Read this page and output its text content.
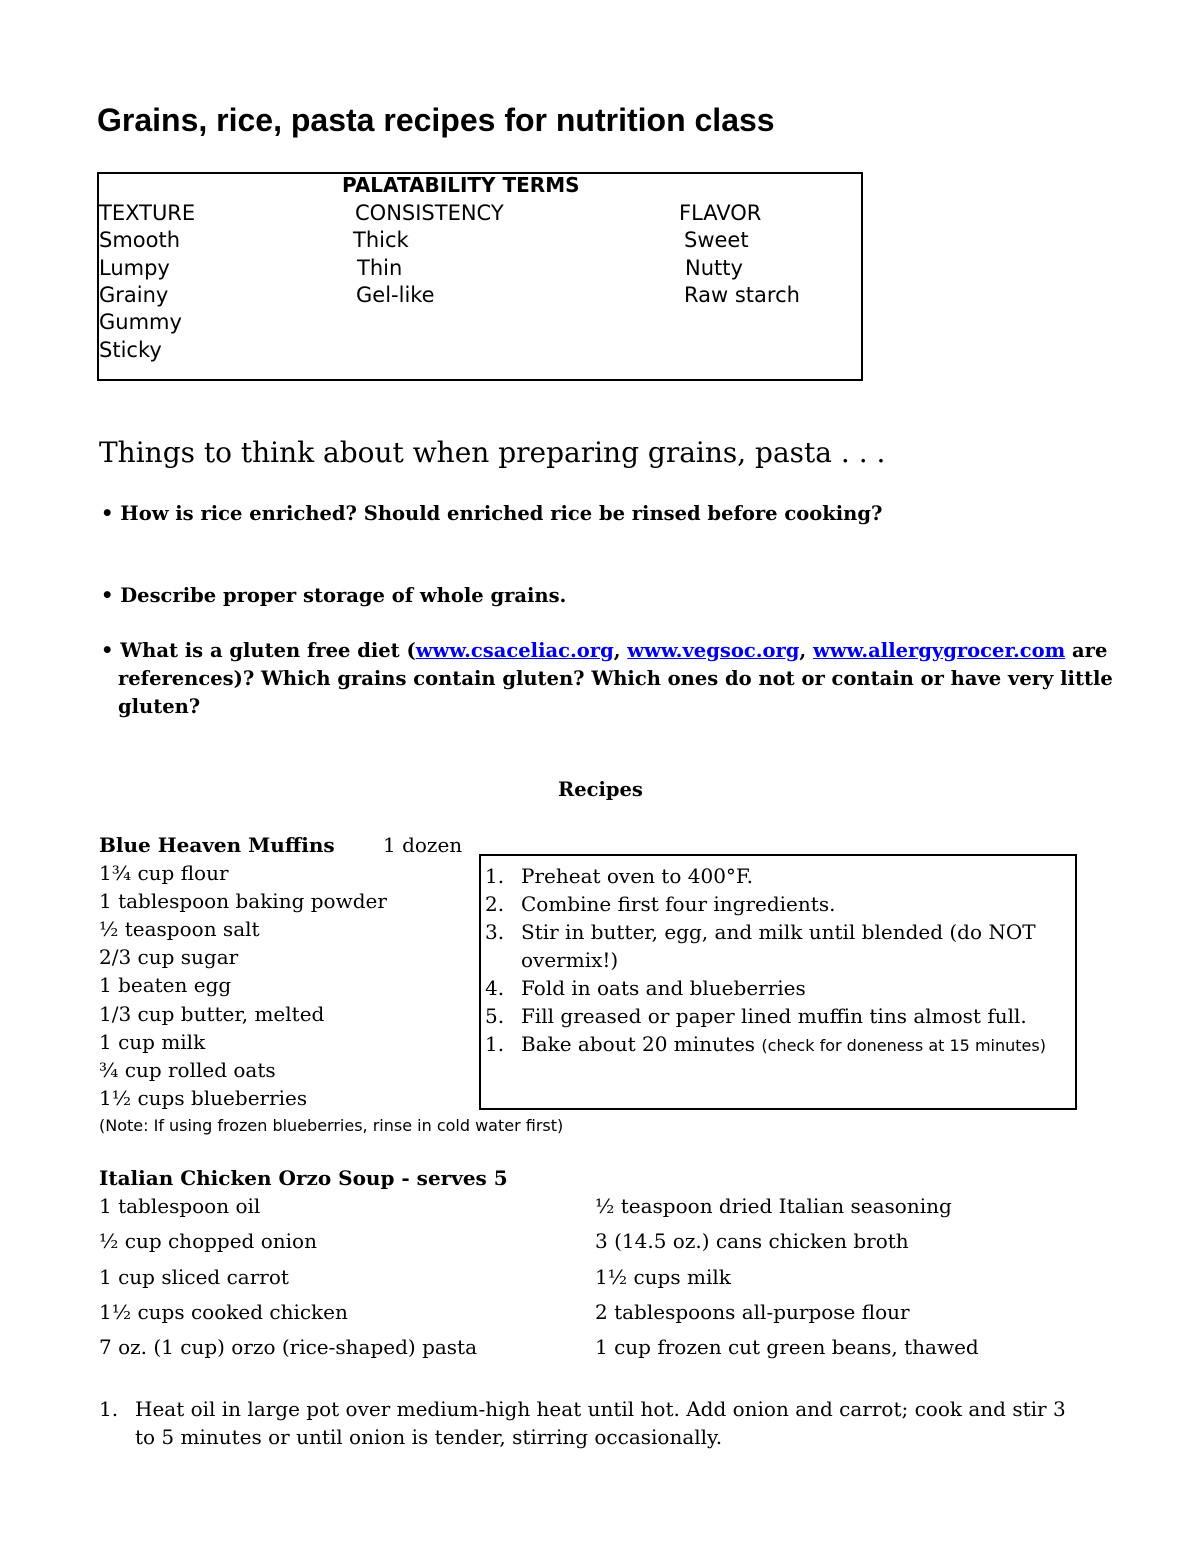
Grains, rice, pasta recipes for nutrition class
PALATABILITY TERMS
TEXTURE	CONSISTENCY	FLAVOR
Smooth
Lumpy
Grainy
Gummy
Sticky
Thick
Thin
Gel-like
Sweet
Nutty
Raw starch
Things to think about when preparing grains, pasta . . .
• How is rice enriched? Should enriched rice be rinsed before cooking?
• Describe proper storage of whole grains.
• What is a gluten free diet (www.csaceliac.org, www.vegsoc.org, www.allergygrocer.com are
references)? Which grains contain gluten? Which ones do not or contain or have very little
gluten?
Recipes
Blue Heaven Muffins 1 dozen
1¾ cup flour
1 tablespoon baking powder
½ teaspoon salt
2/3 cup sugar
1 beaten egg
1/3 cup butter, melted
1 cup milk
¾ cup rolled oats
1½ cups blueberries
(Note: If using frozen blueberries, rinse in cold water first)
1. Preheat oven to 400°F.
2. Combine first four ingredients.
3. Stir in butter, egg, and milk until blended (do NOT
overmix!)
4. Fold in oats and blueberries
5. Fill greased or paper lined muffin tins almost full.
1. Bake about 20 minutes (check for doneness at 15 minutes)
Italian Chicken Orzo Soup - serves 5
1 tablespoon oil
½ cup chopped onion
1 cup sliced carrot
1½ cups cooked chicken
7 oz. (1 cup) orzo (rice-shaped) pasta
½ teaspoon dried Italian seasoning
3 (14.5 oz.) cans chicken broth
1½ cups milk
2 tablespoons all-purpose flour
1 cup frozen cut green beans, thawed
1. Heat oil in large pot over medium-high heat until hot. Add onion and carrot; cook and stir 3
to 5 minutes or until onion is tender, stirring occasionally.
